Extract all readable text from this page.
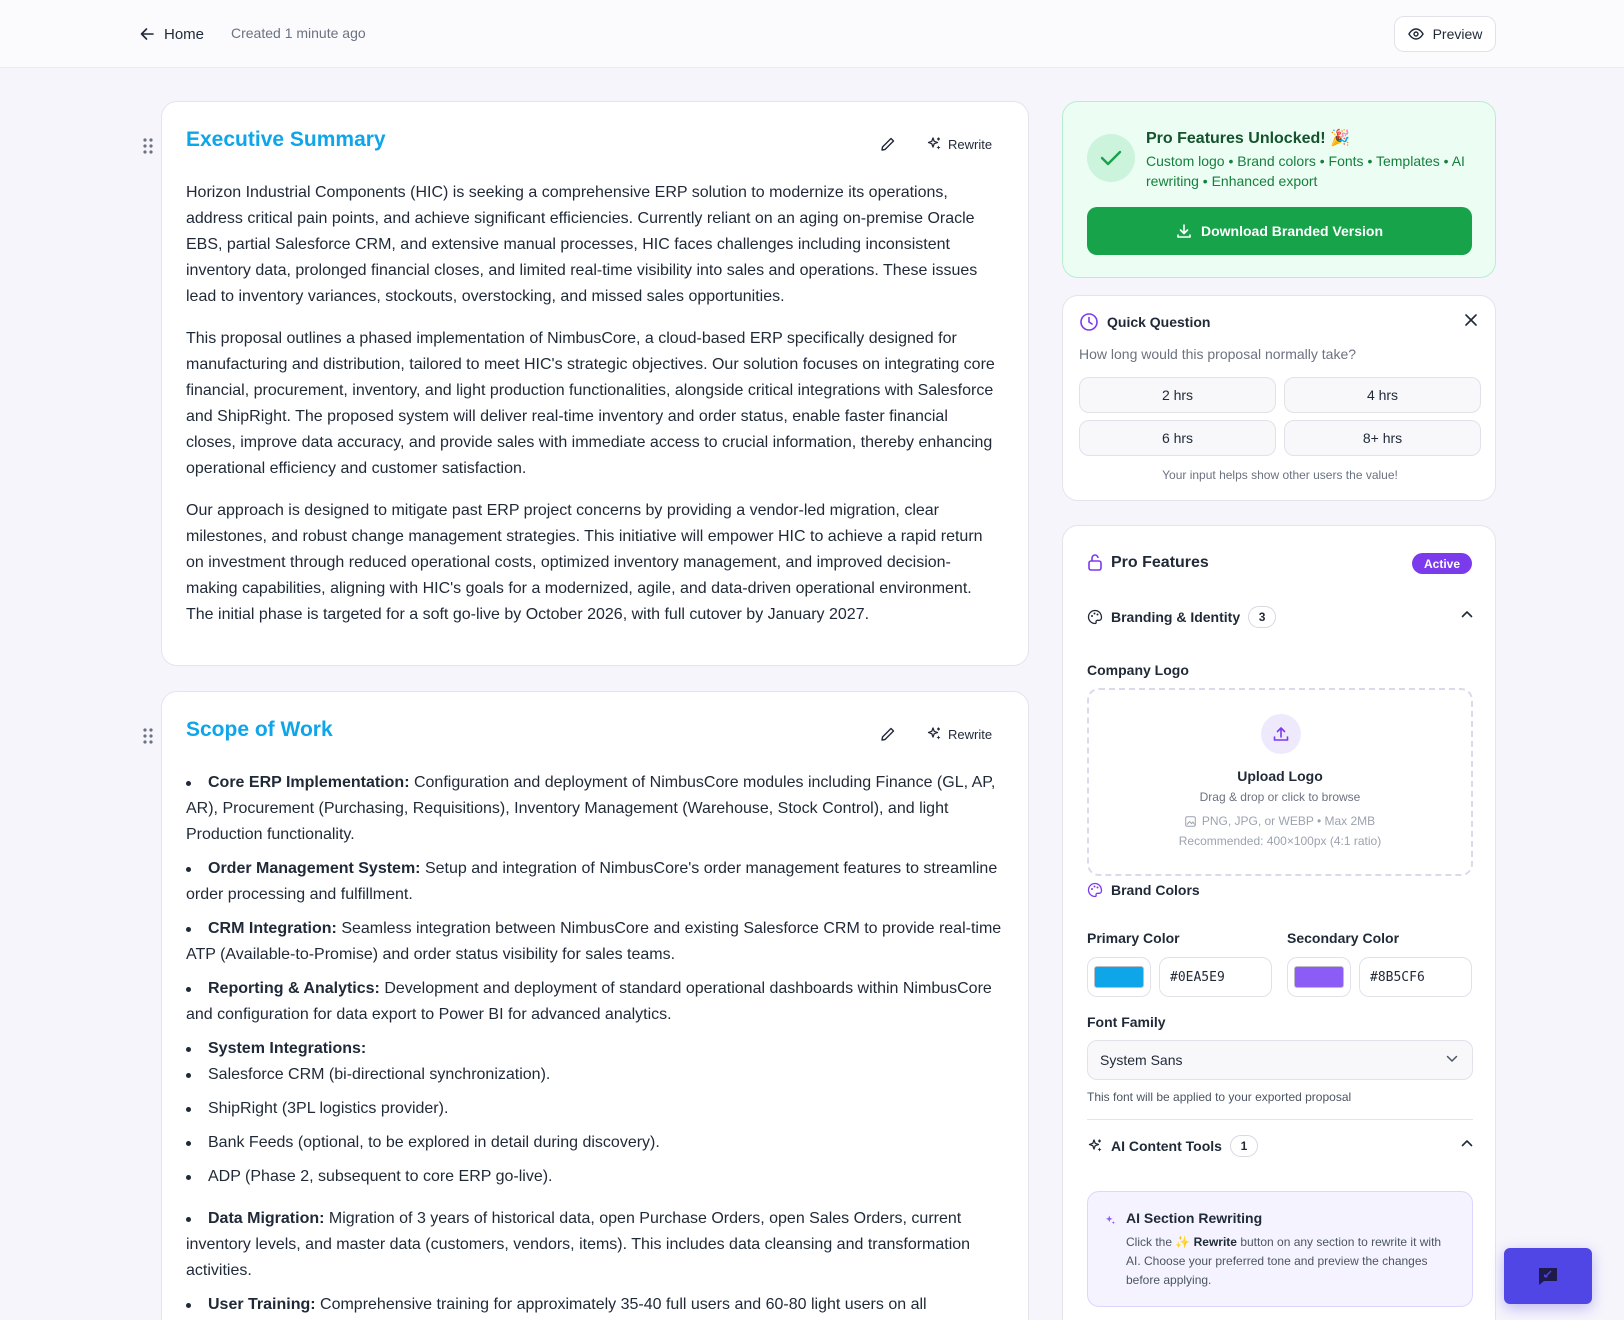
Home Created 1 minute ago	Preview
Executive Summary	Rewrite

Horizon Industrial Components (HIC) is seeking a comprehensive ERP solution to modernize its operations, address critical pain points, and achieve significant efficiencies. Currently reliant on an aging on-premise Oracle EBS, partial Salesforce CRM, and extensive manual processes, HIC faces challenges including inconsistent inventory data, prolonged financial closes, and limited real-time visibility into sales and operations. These issues lead to inventory variances, stockouts, overstocking, and missed sales opportunities.

This proposal outlines a phased implementation of NimbusCore, a cloud-based ERP specifically designed for manufacturing and distribution, tailored to meet HIC's strategic objectives. Our solution focuses on integrating core financial, procurement, inventory, and light production functionalities, alongside critical integrations with Salesforce and ShipRight. The proposed system will deliver real-time inventory and order status, enable faster financial closes, improve data accuracy, and provide sales with immediate access to crucial information, thereby enhancing operational efficiency and customer satisfaction.

Our approach is designed to mitigate past ERP project concerns by providing a vendor-led migration, clear milestones, and robust change management strategies. This initiative will empower HIC to achieve a rapid return on investment through reduced operational costs, optimized inventory management, and improved decision-making capabilities, aligning with HIC's goals for a modernized, agile, and data-driven operational environment. The initial phase is targeted for a soft go-live by October 2026, with full cutover by January 2027.

Scope of Work	Rewrite
Core ERP Implementation: Configuration and deployment of NimbusCore modules including Finance (GL, AP, AR), Procurement (Purchasing, Requisitions), Inventory Management (Warehouse, Stock Control), and light Production functionality.
Order Management System: Setup and integration of NimbusCore's order management features to streamline order processing and fulfillment.
CRM Integration: Seamless integration between NimbusCore and existing Salesforce CRM to provide real-time ATP (Available-to-Promise) and order status visibility for sales teams.
Reporting & Analytics: Development and deployment of standard operational dashboards within NimbusCore and configuration for data export to Power BI for advanced analytics.
System Integrations:
Salesforce CRM (bi-directional synchronization).
ShipRight (3PL logistics provider).
Bank Feeds (optional, to be explored in detail during discovery).
ADP (Phase 2, subsequent to core ERP go-live).
Data Migration: Migration of 3 years of historical data, open Purchase Orders, open Sales Orders, current inventory levels, and master data (customers, vendors, items). This includes data cleansing and transformation activities.
User Training: Comprehensive training for approximately 35-40 full users and 60-80 light users on all
Pro Features Unlocked! 🎉
Custom logo • Brand colors • Fonts • Templates • AI rewriting • Enhanced export
Download Branded Version
Quick Question
How long would this proposal normally take?
2 hrs	4 hrs
6 hrs	8+ hrs
Your input helps show other users the value!
Pro Features	Active
Branding & Identity	3
Company Logo
Upload Logo
Drag & drop or click to browse
PNG, JPG, or WEBP • Max 2MB
Recommended: 400×100px (4:1 ratio)
Brand Colors
Primary Color	Secondary Color
#0EA5E9	#8B5CF6
Font Family
System Sans
This font will be applied to your exported proposal
AI Content Tools	1
AI Section Rewriting
Click the ✨ Rewrite button on any section to rewrite it with AI. Choose your preferred tone and preview the changes before applying.
